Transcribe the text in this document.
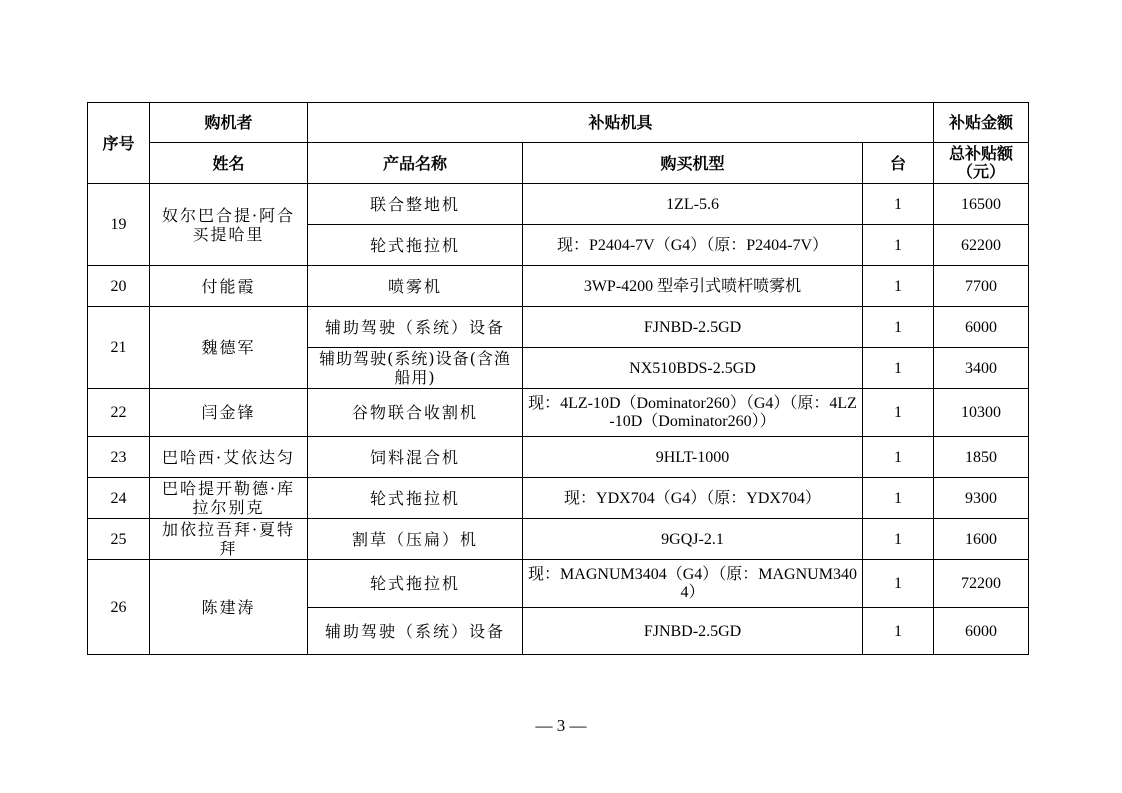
序号	购机者	补贴机具			补贴金额
	姓名	产品名称	购买机型	台	总补贴额（元）
19	奴尔巴合提·阿合买提哈里	联合整地机	1ZL-5.6	1	16500
		轮式拖拉机	现：P2404-7V（G4）（原：P2404-7V）	1	62200
20	付能霞	喷雾机	3WP-4200 型牵引式喷杆喷雾机	1	7700
21	魏德军	辅助驾驶（系统）设备	FJNBD-2.5GD	1	6000
		辅助驾驶(系统)设备(含渔船用)	NX510BDS-2.5GD	1	3400
22	闫金锋	谷物联合收割机	现：4LZ-10D（Dominator260）（G4）（原：4LZ-10D（Dominator260））	1	10300
23	巴哈西·艾依达匀	饲料混合机	9HLT-1000	1	1850
24	巴哈提开勒德·库拉尔别克	轮式拖拉机	现：YDX704（G4）（原：YDX704）	1	9300
25	加依拉吾拜·夏特拜	割草（压扁）机	9GQJ-2.1	1	1600
26	陈建涛	轮式拖拉机	现：MAGNUM3404（G4）（原：MAGNUM3404）	1	72200
		辅助驾驶（系统）设备	FJNBD-2.5GD	1	6000
— 3 —
